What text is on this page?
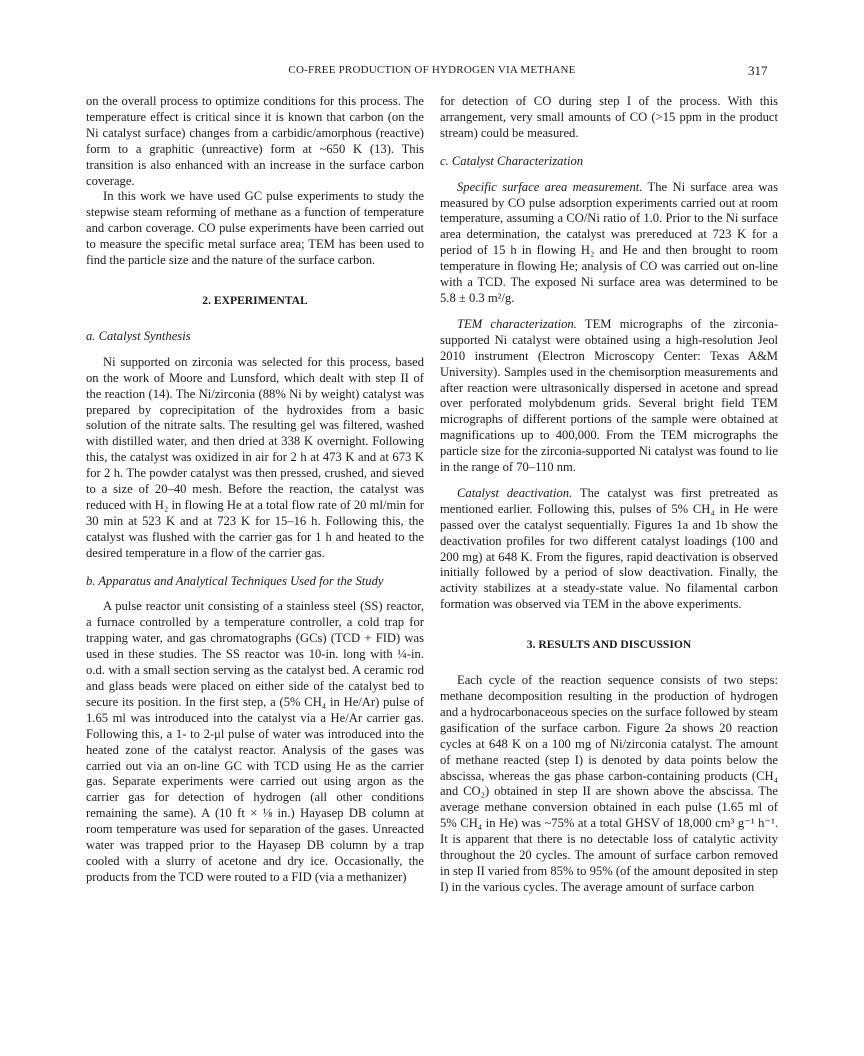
CO-FREE PRODUCTION OF HYDROGEN VIA METHANE	317

on the overall process to optimize conditions for this process. The temperature effect is critical since it is known that carbon (on the Ni catalyst surface) changes from a carbidic/amorphous (reactive) form to a graphitic (unreactive) form at ~650 K (13). This transition is also enhanced with an increase in the surface carbon coverage.

In this work we have used GC pulse experiments to study the stepwise steam reforming of methane as a function of temperature and carbon coverage. CO pulse experiments have been carried out to measure the specific metal surface area; TEM has been used to find the particle size and the nature of the surface carbon.

2. EXPERIMENTAL
a. Catalyst Synthesis

Ni supported on zirconia was selected for this process, based on the work of Moore and Lunsford, which dealt with step II of the reaction (14). The Ni/zirconia (88% Ni by weight) catalyst was prepared by coprecipitation of the hydroxides from a basic solution of the nitrate salts. The resulting gel was filtered, washed with distilled water, and then dried at 338 K overnight. Following this, the catalyst was oxidized in air for 2 h at 473 K and at 673 K for 2 h. The powder catalyst was then pressed, crushed, and sieved to a size of 20–40 mesh. Before the reaction, the catalyst was reduced with H₂ in flowing He at a total flow rate of 20 ml/min for 30 min at 523 K and at 723 K for 15–16 h. Following this, the catalyst was flushed with the carrier gas for 1 h and heated to the desired temperature in a flow of the carrier gas.

b. Apparatus and Analytical Techniques Used for the Study

A pulse reactor unit consisting of a stainless steel (SS) reactor, a furnace controlled by a temperature controller, a cold trap for trapping water, and gas chromatographs (GCs) (TCD + FID) was used in these studies. The SS reactor was 10-in. long with ¼-in. o.d. with a small section serving as the catalyst bed. A ceramic rod and glass beads were placed on either side of the catalyst bed to secure its position. In the first step, a (5% CH₄ in He/Ar) pulse of 1.65 ml was introduced into the catalyst via a He/Ar carrier gas. Following this, a 1- to 2-μl pulse of water was introduced into the heated zone of the catalyst reactor. Analysis of the gases was carried out via an on-line GC with TCD using He as the carrier gas. Separate experiments were carried out using argon as the carrier gas for detection of hydrogen (all other conditions remaining the same). A (10 ft × ⅛ in.) Hayasep DB column at room temperature was used for separation of the gases. Unreacted water was trapped prior to the Hayasep DB column by a trap cooled with a slurry of acetone and dry ice. Occasionally, the products from the TCD were routed to a FID (via a methanizer)

for detection of CO during step I of the process. With this arrangement, very small amounts of CO (>15 ppm in the product stream) could be measured.

c. Catalyst Characterization

Specific surface area measurement. The Ni surface area was measured by CO pulse adsorption experiments carried out at room temperature, assuming a CO/Ni ratio of 1.0. Prior to the Ni surface area determination, the catalyst was prereduced at 723 K for a period of 15 h in flowing H₂ and He and then brought to room temperature in flowing He; analysis of CO was carried out on-line with a TCD. The exposed Ni surface area was determined to be 5.8 ± 0.3 m²/g.

TEM characterization. TEM micrographs of the zirconia-supported Ni catalyst were obtained using a high-resolution Jeol 2010 instrument (Electron Microscopy Center: Texas A&M University). Samples used in the chemisorption measurements and after reaction were ultrasonically dispersed in acetone and spread over perforated molybdenum grids. Several bright field TEM micrographs of different portions of the sample were obtained at magnifications up to 400,000. From the TEM micrographs the particle size for the zirconia-supported Ni catalyst was found to lie in the range of 70–110 nm.

Catalyst deactivation. The catalyst was first pretreated as mentioned earlier. Following this, pulses of 5% CH₄ in He were passed over the catalyst sequentially. Figures 1a and 1b show the deactivation profiles for two different catalyst loadings (100 and 200 mg) at 648 K. From the figures, rapid deactivation is observed initially followed by a period of slow deactivation. Finally, the activity stabilizes at a steady-state value. No filamental carbon formation was observed via TEM in the above experiments.

3. RESULTS AND DISCUSSION

Each cycle of the reaction sequence consists of two steps: methane decomposition resulting in the production of hydrogen and a hydrocarbonaceous species on the surface followed by steam gasification of the surface carbon. Figure 2a shows 20 reaction cycles at 648 K on a 100 mg of Ni/zirconia catalyst. The amount of methane reacted (step I) is denoted by data points below the abscissa, whereas the gas phase carbon-containing products (CH₄ and CO₂) obtained in step II are shown above the abscissa. The average methane conversion obtained in each pulse (1.65 ml of 5% CH₄ in He) was ~75% at a total GHSV of 18,000 cm³ g⁻¹ h⁻¹. It is apparent that there is no detectable loss of catalytic activity throughout the 20 cycles. The amount of surface carbon removed in step II varied from 85% to 95% (of the amount deposited in step I) in the various cycles. The average amount of surface carbon
